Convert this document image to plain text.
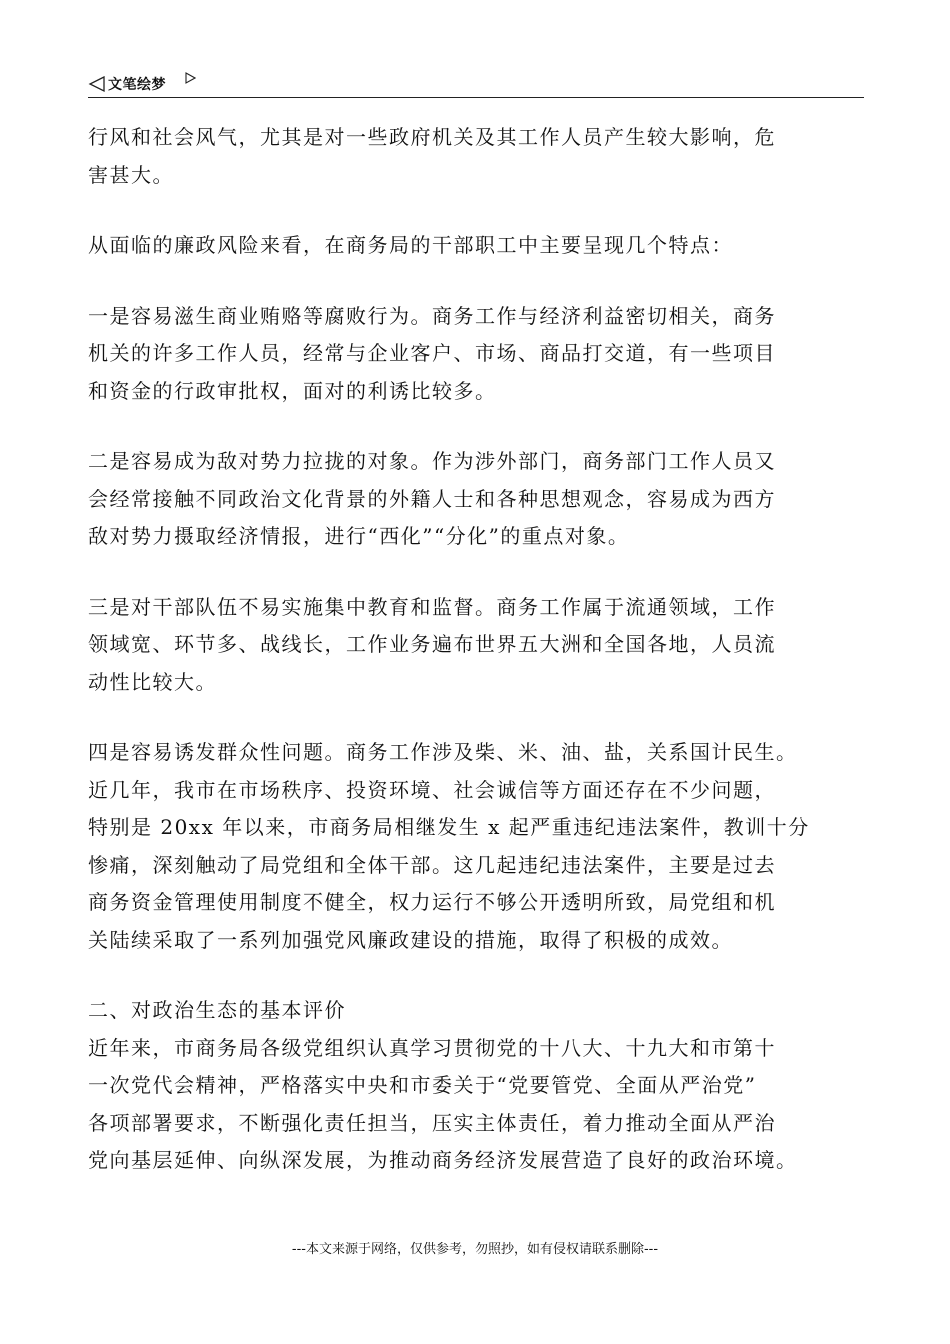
文笔绘梦
行风和社会风气，尤其是对一些政府机关及其工作人员产生较大影响，危
害甚大。
从面临的廉政风险来看，在商务局的干部职工中主要呈现几个特点：
一是容易滋生商业贿赂等腐败行为。商务工作与经济利益密切相关，商务
机关的许多工作人员，经常与企业客户、市场、商品打交道，有一些项目
和资金的行政审批权，面对的利诱比较多。
二是容易成为敌对势力拉拢的对象。作为涉外部门，商务部门工作人员又
会经常接触不同政治文化背景的外籍人士和各种思想观念，容易成为西方
敌对势力摄取经济情报，进行“西化”“分化”的重点对象。
三是对干部队伍不易实施集中教育和监督。商务工作属于流通领域，工作
领域宽、环节多、战线长，工作业务遍布世界五大洲和全国各地，人员流
动性比较大。
四是容易诱发群众性问题。商务工作涉及柴、米、油、盐，关系国计民生。
近几年，我市在市场秩序、投资环境、社会诚信等方面还存在不少问题，
特别是 20xx 年以来，市商务局相继发生 x 起严重违纪违法案件，教训十分
惨痛，深刻触动了局党组和全体干部。这几起违纪违法案件，主要是过去
商务资金管理使用制度不健全，权力运行不够公开透明所致，局党组和机
关陆续采取了一系列加强党风廉政建设的措施，取得了积极的成效。
二、对政治生态的基本评价
近年来，市商务局各级党组织认真学习贯彻党的十八大、十九大和市第十
一次党代会精神，严格落实中央和市委关于“党要管党、全面从严治党”
各项部署要求，不断强化责任担当，压实主体责任，着力推动全面从严治
党向基层延伸、向纵深发展，为推动商务经济发展营造了良好的政治环境。
---本文来源于网络，仅供参考，勿照抄，如有侵权请联系删除---
